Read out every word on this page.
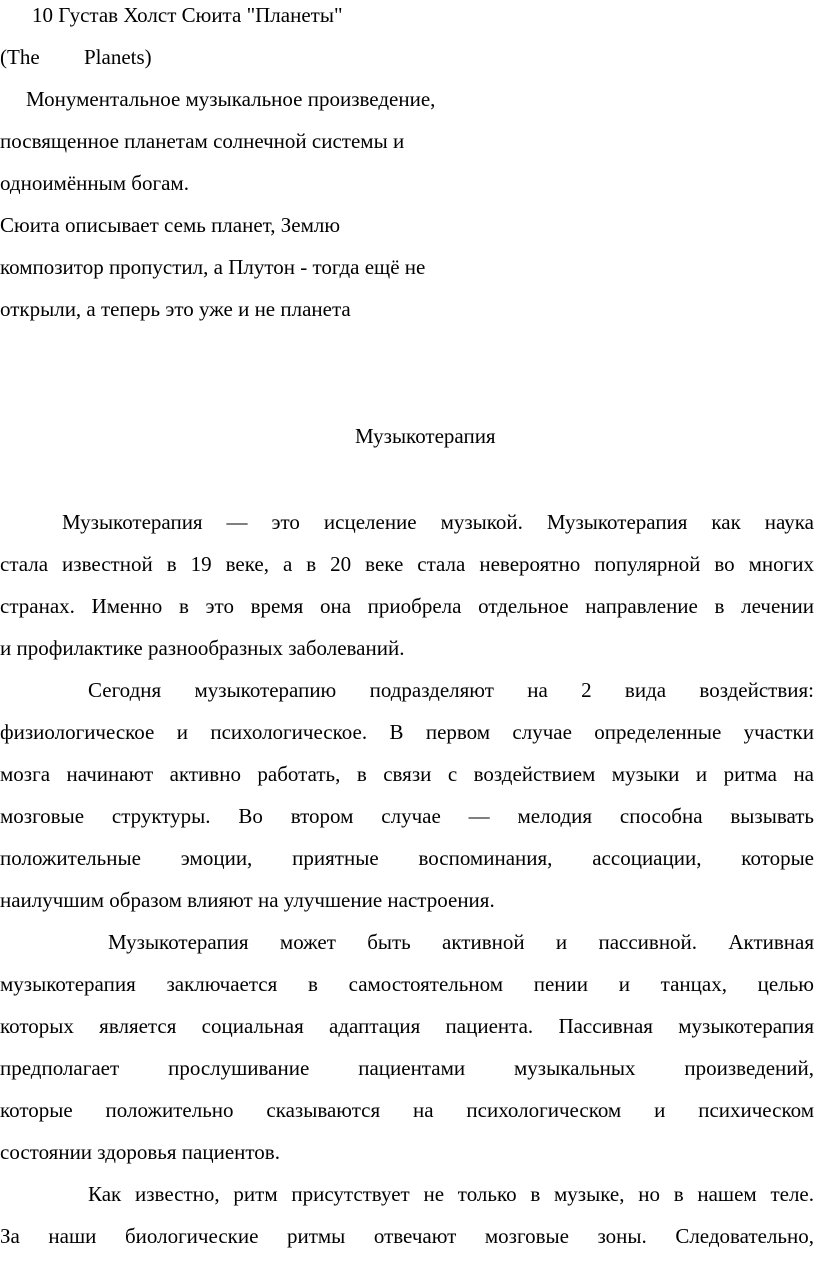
10 Густав Холст Сюита "Планеты"
(The Planets)
Монументальное музыкальное произведение,
посвященное планетам солнечной системы и
одноимённым богам.
Сюита описывает семь планет, Землю
композитор пропустил, а Плутон - тогда ещё не
открыли, а теперь это уже и не планета
Музыкотерапия
Музыкотерапия — это исцеление музыкой. Музыкотерапия как наука
стала известной в 19 веке, а в 20 веке стала невероятно популярной во многих
странах. Именно в это время она приобрела отдельное направление в лечении
и профилактике разнообразных заболеваний.
Сегодня музыкотерапию подразделяют на 2 вида воздействия:
физиологическое и психологическое. В первом случае определенные участки
мозга начинают активно работать, в связи с воздействием музыки и ритма на
мозговые структуры. Во втором случае — мелодия способна вызывать
положительные эмоции, приятные воспоминания, ассоциации, которые
наилучшим образом влияют на улучшение настроения.
Музыкотерапия может быть активной и пассивной. Активная
музыкотерапия заключается в самостоятельном пении и танцах, целью
которых является социальная адаптация пациента. Пассивная музыкотерапия
предполагает прослушивание пациентами музыкальных произведений,
которые положительно сказываются на психологическом и психическом
состоянии здоровья пациентов.
Как известно, ритм присутствует не только в музыке, но в нашем теле.
За наши биологические ритмы отвечают мозговые зоны. Следовательно,
